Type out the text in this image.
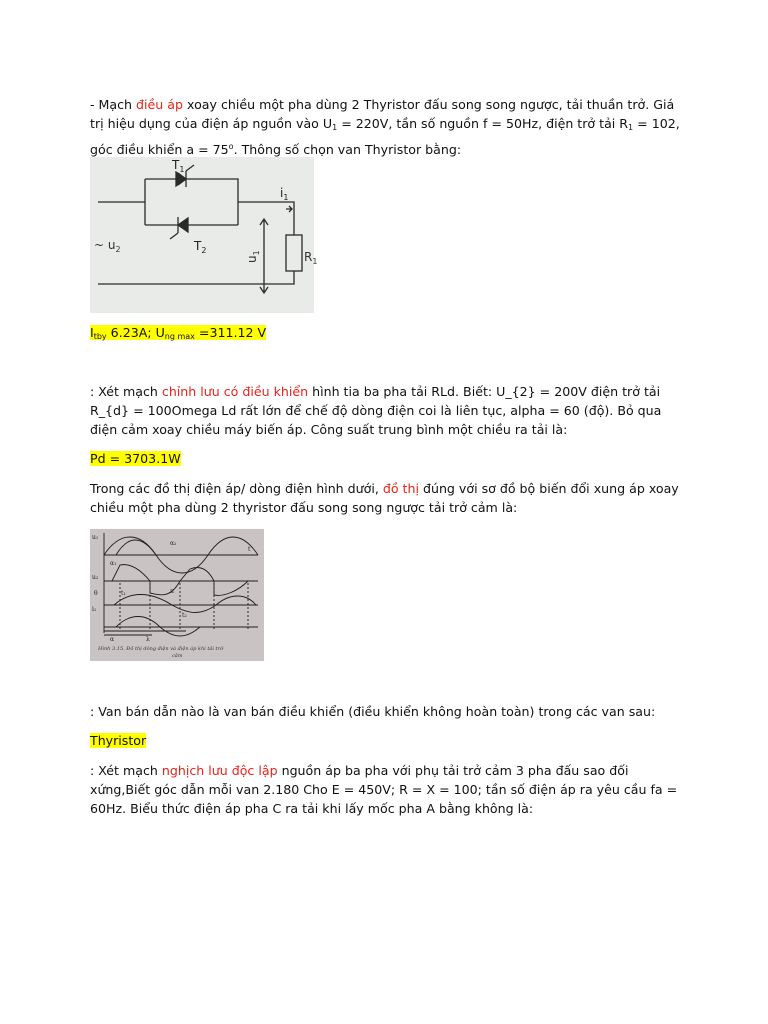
- Mạch điều áp xoay chiều một pha dùng 2 Thyristor đấu song song ngược, tải thuần trở. Giá trị hiệu dụng của điện áp nguồn vào $U_1 = 220V$, tần số nguồn f = 50Hz, điện trở tải $R_1 = 102$, góc điều khiển $a = 75^o$. Thông số chọn van Thyristor bằng:

$T_1$
$T_2$
$i_1$
~ $u_2$
$u_1$	$R_1$

$I_{tby}$ 6.23A; $U_{ng max} =311.12$ V

: Xét mạch chỉnh lưu có điều khiển hình tia ba pha tải RLd. Biết: U_{2} = 200V điện trở tải R_{d} = 100Omega Ld rất lớn để chế độ dòng điện coi là liên tục, alpha = 60 (độ). Bỏ qua điện cảm xoay chiều máy biến áp. Công suất trung bình một chiều ra tải là:

Pd = 3703.1W

Trong các đồ thị điện áp/ dòng điện hình dưới, đồ thị đúng với sơ đồ bộ biến đổi xung áp xoay chiều một pha dùng 2 thyristor đấu song song ngược tải trở cảm là:

u₁
u₂
θ
i₁
α₁
α₂
t₁
t₂
π
α	λ
t
Hình 3.15. Đồ thị dòng điện và điện áp khi tải trở
cảm

: Van bán dẫn nào là van bán điều khiển (điều khiển không hoàn toàn) trong các van sau:

Thyristor

: Xét mạch nghịch lưu độc lập nguồn áp ba pha với phụ tải trở cảm 3 pha đấu sao đối xứng,Biết góc dẫn mỗi van 2.180 Cho E = 450V; R = X = 100; tần số điện áp ra yêu cầu fa = 60Hz. Biểu thức điện áp pha C ra tải khi lấy mốc pha A bằng không là:
